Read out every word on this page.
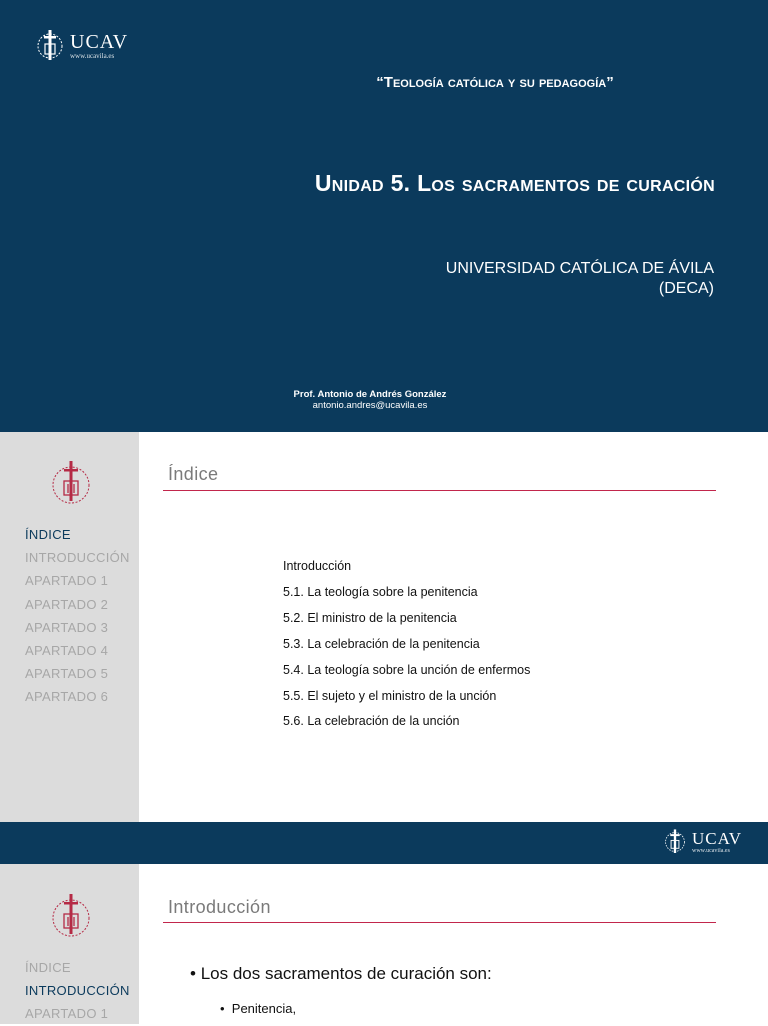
UCAV
www.ucavila.es
“Teología católica y su pedagogía”
Unidad 5. Los sacramentos de curación
UNIVERSIDAD CATÓLICA DE ÁVILA
(DECA)
Prof. Antonio de Andrés González
antonio.andres@ucavila.es
ÍNDICE
INTRODUCCIÓN
APARTADO 1
APARTADO 2
APARTADO 3
APARTADO 4
APARTADO 5
APARTADO 6
Índice
Introducción
5.1. La teología sobre la penitencia
5.2. El ministro de la penitencia
5.3. La celebración de la penitencia
5.4. La teología sobre la unción de enfermos
5.5. El sujeto y el ministro de la unción
5.6. La celebración de la unción
UCAV
www.ucavila.es
ÍNDICE
INTRODUCCIÓN
APARTADO 1
Introducción
• Los dos sacramentos de curación son:
•  Penitencia,
